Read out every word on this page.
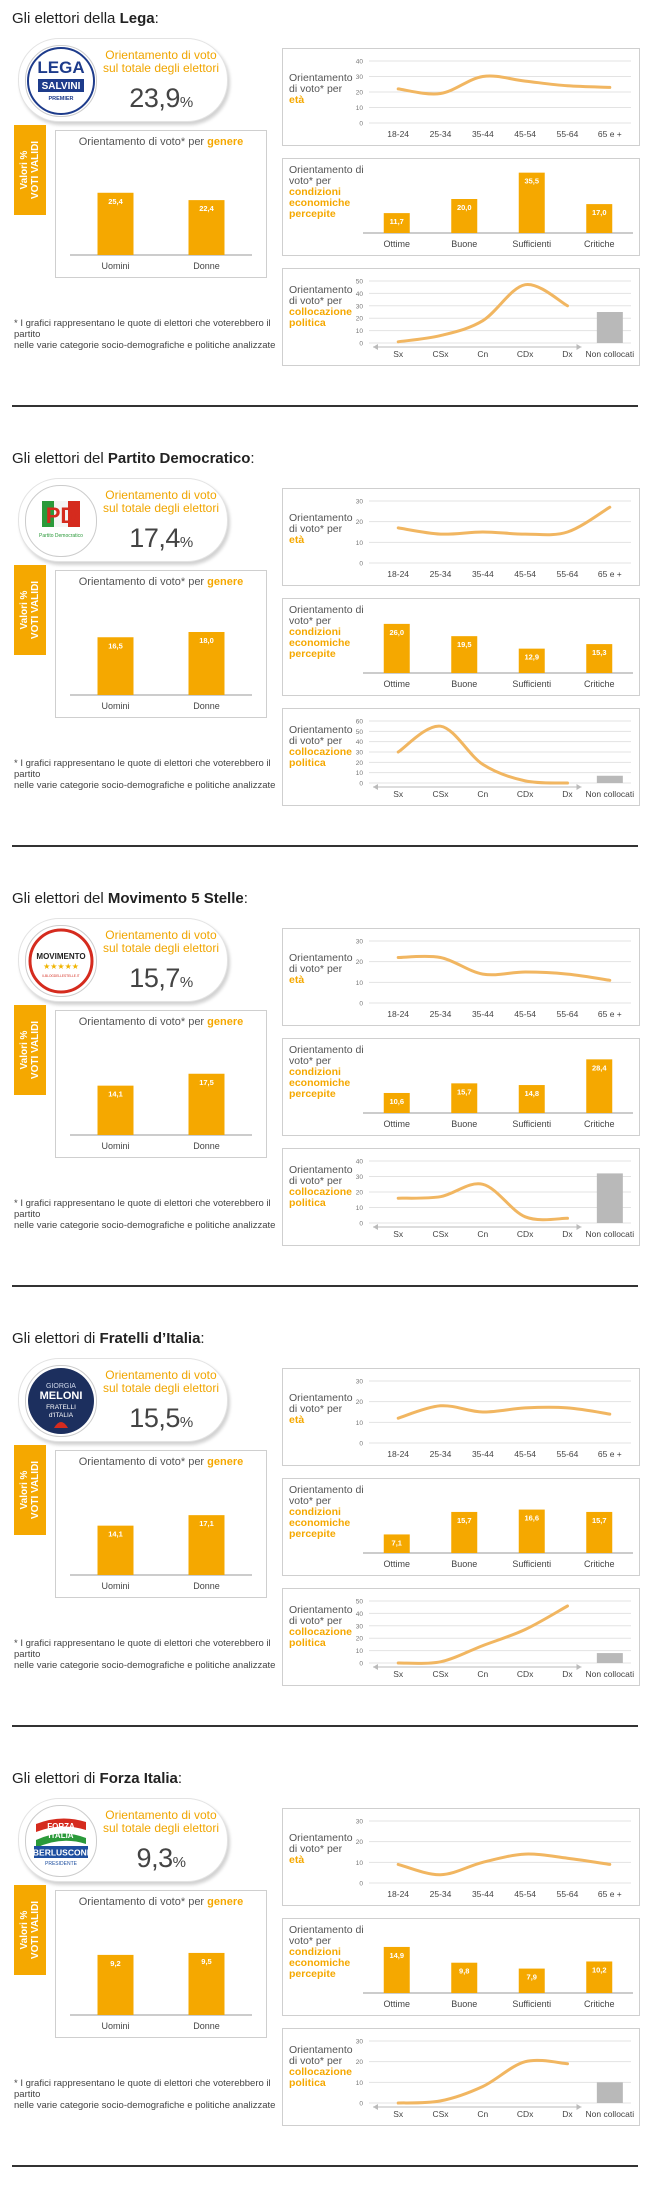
Gli elettori della Lega:
LEGA
SALVINI
PREMIER
Orientamento di voto
sul totale degli elettori
23,9%
Valori % VOTI VALIDI	Orientamento di voto* per genere
25,4
Uomini
22,4
Donne
Orientamento
di voto* per
età
0
10
20
30
40
18-24 25-34 35-44 45-54 55-64 65 e +
Orientamento di
voto* per
condizioni
economiche
percepite
11,7
Ottime
20,0
Buone
35,5
Sufficienti
17,0
Critiche
Orientamento
di voto* per
collocazione
politica
0
10
20
30
40
50
Sx	CSx	Cn	CDx	Dx Non collocati
* I grafici rappresentano le quote di elettori che voterebbero il partito
nelle varie categorie socio-demografiche e politiche analizzate
Gli elettori del Partito Democratico:
PD
Partito Democratico
Orientamento di voto
sul totale degli elettori
17,4%
Valori % VOTI VALIDI	Orientamento di voto* per genere
16,5
Uomini
18,0
Donne
Orientamento
di voto* per
età
0
10
20
30
18-24 25-34 35-44 45-54 55-64 65 e +
Orientamento di
voto* per
condizioni
economiche
percepite
26,0
Ottime
19,5
Buone
12,9
Sufficienti
15,3
Critiche
Orientamento
di voto* per
collocazione
politica
0
10
20
30
40
50
60
Sx	CSx	Cn	CDx	Dx Non collocati
* I grafici rappresentano le quote di elettori che voterebbero il partito
nelle varie categorie socio-demografiche e politiche analizzate
Gli elettori del Movimento 5 Stelle:
MOVIMENTO
★★★★★
ILBLOGDELLESTELLE.IT
Orientamento di voto
sul totale degli elettori
15,7%
Valori % VOTI VALIDI	Orientamento di voto* per genere
14,1
Uomini
17,5
Donne
Orientamento
di voto* per
età
0
10
20
30
18-24 25-34 35-44 45-54 55-64 65 e +
Orientamento di
voto* per
condizioni
economiche
percepite
10,6
Ottime
15,7
Buone
14,8
Sufficienti
28,4
Critiche
Orientamento
di voto* per
collocazione
politica
0
10
20
30
40
Sx	CSx	Cn	CDx	Dx Non collocati
* I grafici rappresentano le quote di elettori che voterebbero il partito
nelle varie categorie socio-demografiche e politiche analizzate
Gli elettori di Fratelli d’Italia:
GIORGIA
MELONI
FRATELLI
d'ITALIA
Orientamento di voto
sul totale degli elettori
15,5%
Valori % VOTI VALIDI	Orientamento di voto* per genere
14,1
Uomini
17,1
Donne
Orientamento
di voto* per
età
0
10
20
30
18-24 25-34 35-44 45-54 55-64 65 e +
Orientamento di
voto* per
condizioni
economiche
percepite
7,1
Ottime
15,7
Buone
16,6
Sufficienti
15,7
Critiche
Orientamento
di voto* per
collocazione
politica
0
10
20
30
40
50
Sx	CSx	Cn	CDx	Dx Non collocati
* I grafici rappresentano le quote di elettori che voterebbero il partito
nelle varie categorie socio-demografiche e politiche analizzate
Gli elettori di Forza Italia:
FORZA
ITALIA
BERLUSCONI
PRESIDENTE
Orientamento di voto
sul totale degli elettori
9,3%
Valori % VOTI VALIDI	Orientamento di voto* per genere
9,2
Uomini
9,5
Donne
Orientamento
di voto* per
età
0
10
20
30
18-24 25-34 35-44 45-54 55-64 65 e +
Orientamento di
voto* per
condizioni
economiche
percepite
14,9
Ottime
9,8
Buone
7,9
Sufficienti
10,2
Critiche
Orientamento
di voto* per
collocazione
politica
0
10
20
30
Sx	CSx	Cn	CDx	Dx Non collocati
* I grafici rappresentano le quote di elettori che voterebbero il partito
nelle varie categorie socio-demografiche e politiche analizzate
